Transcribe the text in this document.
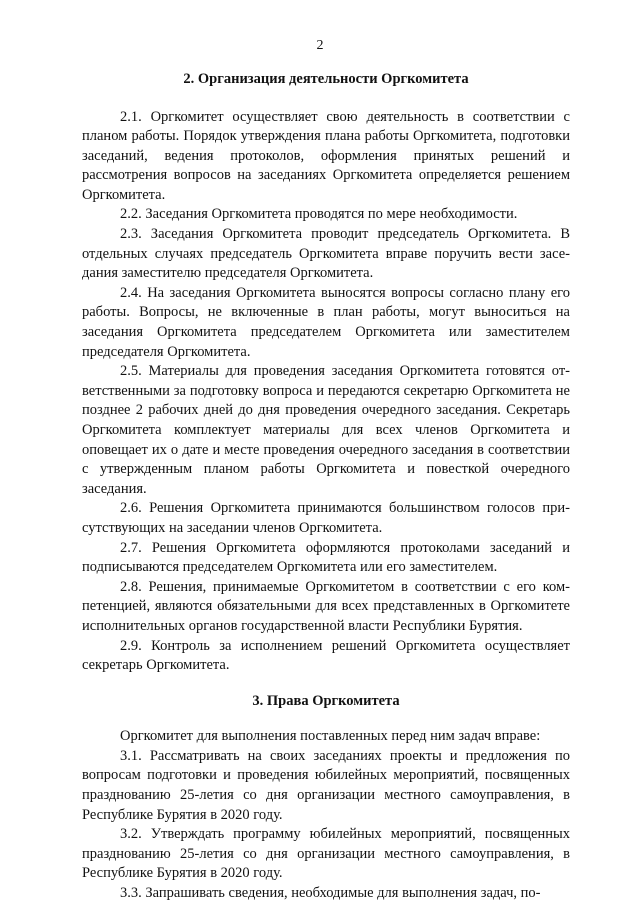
2
2. Организация деятельности Оргкомитета

2.1. Оргкомитет осуществляет свою деятельность в соответствии с планом работы. Порядок утверждения плана работы Оргкомитета, подготовки заседаний, ведения протоколов, оформления принятых решений и рассмотрения вопросов на заседаниях Оргкомитета определяется решением Оргкомитета.

2.2. Заседания Оргкомитета проводятся по мере необходимости.

2.3. Заседания Оргкомитета проводит председатель Оргкомитета. В отдельных случаях председатель Оргкомитета вправе поручить вести заседания заместителю председателя Оргкомитета.

2.4. На заседания Оргкомитета выносятся вопросы согласно плану его работы. Вопросы, не включенные в план работы, могут выноситься на заседания Оргкомитета председателем Оргкомитета или заместителем председателя Оргкомитета.

2.5. Материалы для проведения заседания Оргкомитета готовятся ответственными за подготовку вопроса и передаются секретарю Оргкомитета не позднее 2 рабочих дней до дня проведения очередного заседания. Секретарь Оргкомитета комплектует материалы для всех членов Оргкомитета и оповещает их о дате и месте проведения очередного заседания в соответствии с утвержденным планом работы Оргкомитета и повесткой очередного заседания.

2.6. Решения Оргкомитета принимаются большинством голосов присутствующих на заседании членов Оргкомитета.

2.7. Решения Оргкомитета оформляются протоколами заседаний и подписываются председателем Оргкомитета или его заместителем.

2.8. Решения, принимаемые Оргкомитетом в соответствии с его компетенцией, являются обязательными для всех представленных в Оргкомитете исполнительных органов государственной власти Республики Бурятия.

2.9. Контроль за исполнением решений Оргкомитета осуществляет секретарь Оргкомитета.

3. Права Оргкомитета

Оргкомитет для выполнения поставленных перед ним задач вправе:

3.1. Рассматривать на своих заседаниях проекты и предложения по вопросам подготовки и проведения юбилейных мероприятий, посвященных празднованию 25-летия со дня организации местного самоуправления, в Республике Бурятия в 2020 году.

3.2. Утверждать программу юбилейных мероприятий, посвященных празднованию 25-летия со дня организации местного самоуправления, в Республике Бурятия в 2020 году.

3.3. Запрашивать сведения, необходимые для выполнения задач, по-
